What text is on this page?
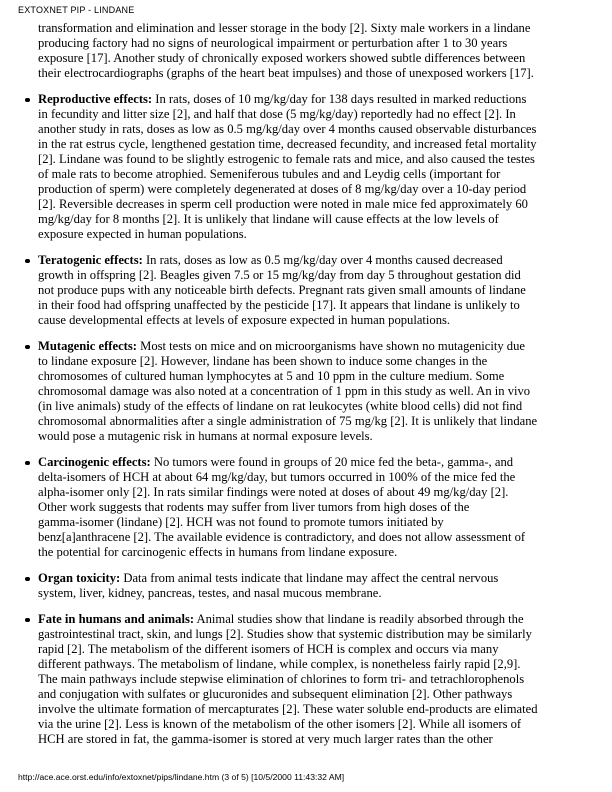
EXTOXNET PIP - LINDANE
transformation and elimination and lesser storage in the body [2]. Sixty male workers in a lindane
producing factory had no signs of neurological impairment or perturbation after 1 to 30 years
exposure [17]. Another study of chronically exposed workers showed subtle differences between
their electrocardiographs (graphs of the heart beat impulses) and those of unexposed workers [17].
Reproductive effects: In rats, doses of 10 mg/kg/day for 138 days resulted in marked reductions
in fecundity and litter size [2], and half that dose (5 mg/kg/day) reportedly had no effect [2]. In
another study in rats, doses as low as 0.5 mg/kg/day over 4 months caused observable disturbances
in the rat estrus cycle, lengthened gestation time, decreased fecundity, and increased fetal mortality
[2]. Lindane was found to be slightly estrogenic to female rats and mice, and also caused the testes
of male rats to become atrophied. Semeniferous tubules and and Leydig cells (important for
production of sperm) were completely degenerated at doses of 8 mg/kg/day over a 10-day period
[2]. Reversible decreases in sperm cell production were noted in male mice fed approximately 60
mg/kg/day for 8 months [2]. It is unlikely that lindane will cause effects at the low levels of
exposure expected in human populations.
Teratogenic effects: In rats, doses as low as 0.5 mg/kg/day over 4 months caused decreased
growth in offspring [2]. Beagles given 7.5 or 15 mg/kg/day from day 5 throughout gestation did
not produce pups with any noticeable birth defects. Pregnant rats given small amounts of lindane
in their food had offspring unaffected by the pesticide [17]. It appears that lindane is unlikely to
cause developmental effects at levels of exposure expected in human populations.
Mutagenic effects: Most tests on mice and on microorganisms have shown no mutagenicity due
to lindane exposure [2]. However, lindane has been shown to induce some changes in the
chromosomes of cultured human lymphocytes at 5 and 10 ppm in the culture medium. Some
chromosomal damage was also noted at a concentration of 1 ppm in this study as well. An in vivo
(in live animals) study of the effects of lindane on rat leukocytes (white blood cells) did not find
chromosomal abnormalities after a single administration of 75 mg/kg [2]. It is unlikely that lindane
would pose a mutagenic risk in humans at normal exposure levels.
Carcinogenic effects: No tumors were found in groups of 20 mice fed the beta-, gamma-, and
delta-isomers of HCH at about 64 mg/kg/day, but tumors occurred in 100% of the mice fed the
alpha-isomer only [2]. In rats similar findings were noted at doses of about 49 mg/kg/day [2].
Other work suggests that rodents may suffer from liver tumors from high doses of the
gamma-isomer (lindane) [2]. HCH was not found to promote tumors initiated by
benz[a]anthracene [2]. The available evidence is contradictory, and does not allow assessment of
the potential for carcinogenic effects in humans from lindane exposure.
Organ toxicity: Data from animal tests indicate that lindane may affect the central nervous
system, liver, kidney, pancreas, testes, and nasal mucous membrane.
Fate in humans and animals: Animal studies show that lindane is readily absorbed through the
gastrointestinal tract, skin, and lungs [2]. Studies show that systemic distribution may be similarly
rapid [2]. The metabolism of the different isomers of HCH is complex and occurs via many
different pathways. The metabolism of lindane, while complex, is nonetheless fairly rapid [2,9].
The main pathways include stepwise elimination of chlorines to form tri- and tetrachlorophenols
and conjugation with sulfates or glucuronides and subsequent elimination [2]. Other pathways
involve the ultimate formation of mercapturates [2]. These water soluble end-products are elimated
via the urine [2]. Less is known of the metabolism of the other isomers [2]. While all isomers of
HCH are stored in fat, the gamma-isomer is stored at very much larger rates than the other
http://ace.ace.orst.edu/info/extoxnet/pips/lindane.htm (3 of 5) [10/5/2000 11:43:32 AM]
